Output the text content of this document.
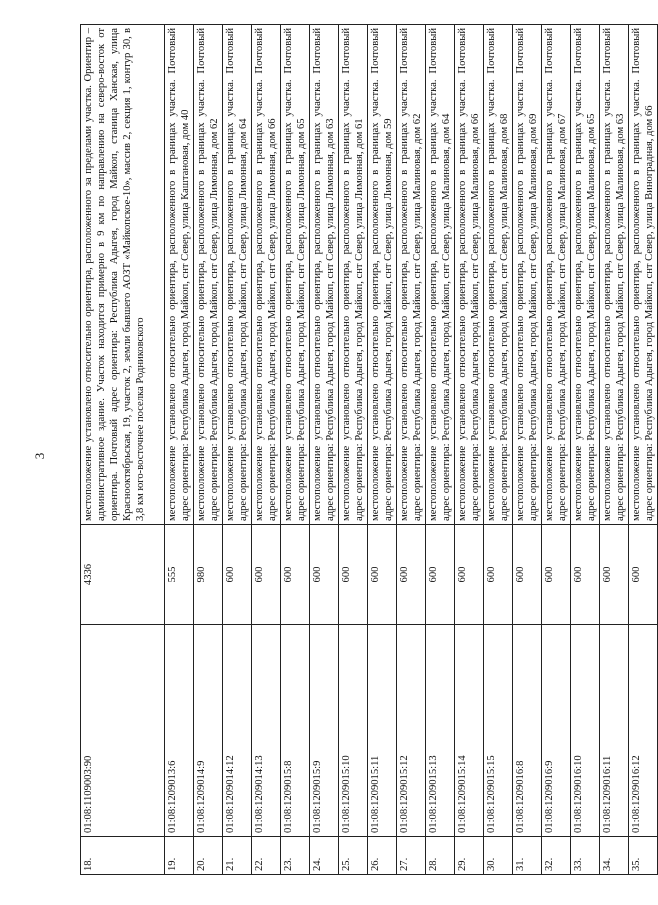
3
18.	01:08:1109003:90	4336	местоположение установлено относительно ориентира, расположенного за пределами участка. Ориентир – административное здание. Участок находится примерно в 9 км по направлению на северо-восток от ориентира. Почтовый адрес ориентира: Республика Адыгея, город Майкоп, станица Ханская, улица Краснооктябрьская, 19, участок 2, земли бывшего АОЗТ «Майкопское-10», массив 2, секция 1, контур 30, в 3,8 км юго-восточнее поселка Родниковского
19.	01:08:1209013:6	555	местоположение установлено относительно ориентира, расположенного в границах участка. Почтовый адрес ориентира: Республика Адыгея, город Майкоп, снт Север, улица Каштановая, дом 40
20.	01:08:1209014:9	980	местоположение установлено относительно ориентира, расположенного в границах участка. Почтовый адрес ориентира: Республика Адыгея, город Майкоп, снт Север, улица Лимонная, дом 62
21.	01:08:1209014:12	600	местоположение установлено относительно ориентира, расположенного в границах участка. Почтовый адрес ориентира: Республика Адыгея, город Майкоп, снт Север, улица Лимонная, дом 64
22.	01:08:1209014:13	600	местоположение установлено относительно ориентира, расположенного в границах участка. Почтовый адрес ориентира: Республика Адыгея, город Майкоп, снт Север, улица Лимонная, дом 66
23.	01:08:1209015:8	600	местоположение установлено относительно ориентира, расположенного в границах участка. Почтовый адрес ориентира: Республика Адыгея, город Майкоп, снт Север, улица Лимонная, дом 65
24.	01:08:1209015:9	600	местоположение установлено относительно ориентира, расположенного в границах участка. Почтовый адрес ориентира: Республика Адыгея, город Майкоп, снт Север, улица Лимонная, дом 63
25.	01:08:1209015:10	600	местоположение установлено относительно ориентира, расположенного в границах участка. Почтовый адрес ориентира: Республика Адыгея, город Майкоп, снт Север, улица Лимонная, дом 61
26.	01:08:1209015:11	600	местоположение установлено относительно ориентира, расположенного в границах участка. Почтовый адрес ориентира: Республика Адыгея, город Майкоп, снт Север, улица Лимонная, дом 59
27.	01:08:1209015:12	600	местоположение установлено относительно ориентира, расположенного в границах участка. Почтовый адрес ориентира: Республика Адыгея, город Майкоп, снт Север, улица Малиновая, дом 62
28.	01:08:1209015:13	600	местоположение установлено относительно ориентира, расположенного в границах участка. Почтовый адрес ориентира: Республика Адыгея, город Майкоп, снт Север, улица Малиновая, дом 64
29.	01:08:1209015:14	600	местоположение установлено относительно ориентира, расположенного в границах участка. Почтовый адрес ориентира: Республика Адыгея, город Майкоп, снт Север, улица Малиновая, дом 66
30.	01:08:1209015:15	600	местоположение установлено относительно ориентира, расположенного в границах участка. Почтовый адрес ориентира: Республика Адыгея, город Майкоп, снт Север, улица Малиновая, дом 68
31.	01:08:1209016:8	600	местоположение установлено относительно ориентира, расположенного в границах участка. Почтовый адрес ориентира: Республика Адыгея, город Майкоп, снт Север, улица Малиновая, дом 69
32.	01:08:1209016:9	600	местоположение установлено относительно ориентира, расположенного в границах участка. Почтовый адрес ориентира: Республика Адыгея, город Майкоп, снт Север, улица Малиновая, дом 67
33.	01:08:1209016:10	600	местоположение установлено относительно ориентира, расположенного в границах участка. Почтовый адрес ориентира: Республика Адыгея, город Майкоп, снт Север, улица Малиновая, дом 65
34.	01:08:1209016:11	600	местоположение установлено относительно ориентира, расположенного в границах участка. Почтовый адрес ориентира: Республика Адыгея, город Майкоп, снт Север, улица Малиновая, дом 63
35.	01:08:1209016:12	600	местоположение установлено относительно ориентира, расположенного в границах участка. Почтовый адрес ориентира: Республика Адыгея, город Майкоп, снт Север, улица Виноградная, дом 66
